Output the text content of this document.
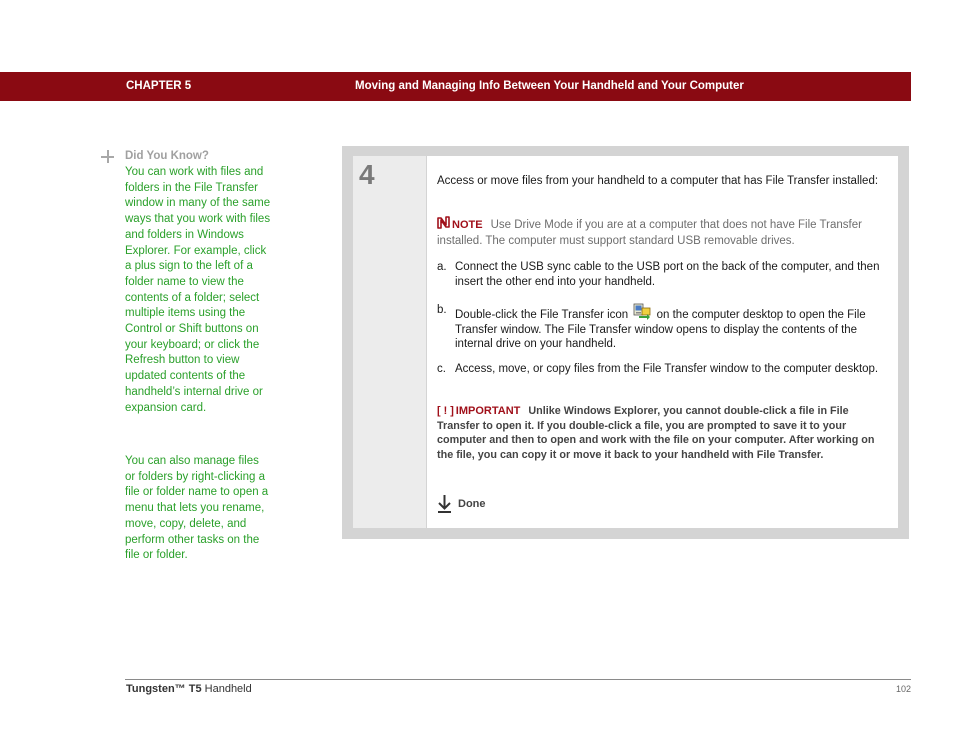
CHAPTER 5	Moving and Managing Info Between Your Handheld and Your Computer
Did You Know?
You can work with files and folders in the File Transfer window in many of the same ways that you work with files and folders in Windows Explorer. For example, click a plus sign to the left of a folder name to view the contents of a folder; select multiple items using the Control or Shift buttons on your keyboard; or click the Refresh button to view updated contents of the handheld’s internal drive or expansion card.
You can also manage files or folders by right-clicking a file or folder name to open a menu that lets you rename, move, copy, delete, and perform other tasks on the file or folder.
4	Access or move files from your handheld to a computer that has File Transfer installed:
NOTE Use Drive Mode if you are at a computer that does not have File Transfer installed. The computer must support standard USB removable drives.
a. Connect the USB sync cable to the USB port on the back of the computer, and then insert the other end into your handheld.
b. Double-click the File Transfer icon on the computer desktop to open the File Transfer window. The File Transfer window opens to display the contents of the internal drive on your handheld.
c. Access, move, or copy files from the File Transfer window to the computer desktop.
[ ! ] IMPORTANT Unlike Windows Explorer, you cannot double-click a file in File Transfer to open it. If you double-click a file, you are prompted to save it to your computer and then to open and work with the file on your computer. After working on the file, you can copy it or move it back to your handheld with File Transfer.
Done
Tungsten™ T5 Handheld	102
